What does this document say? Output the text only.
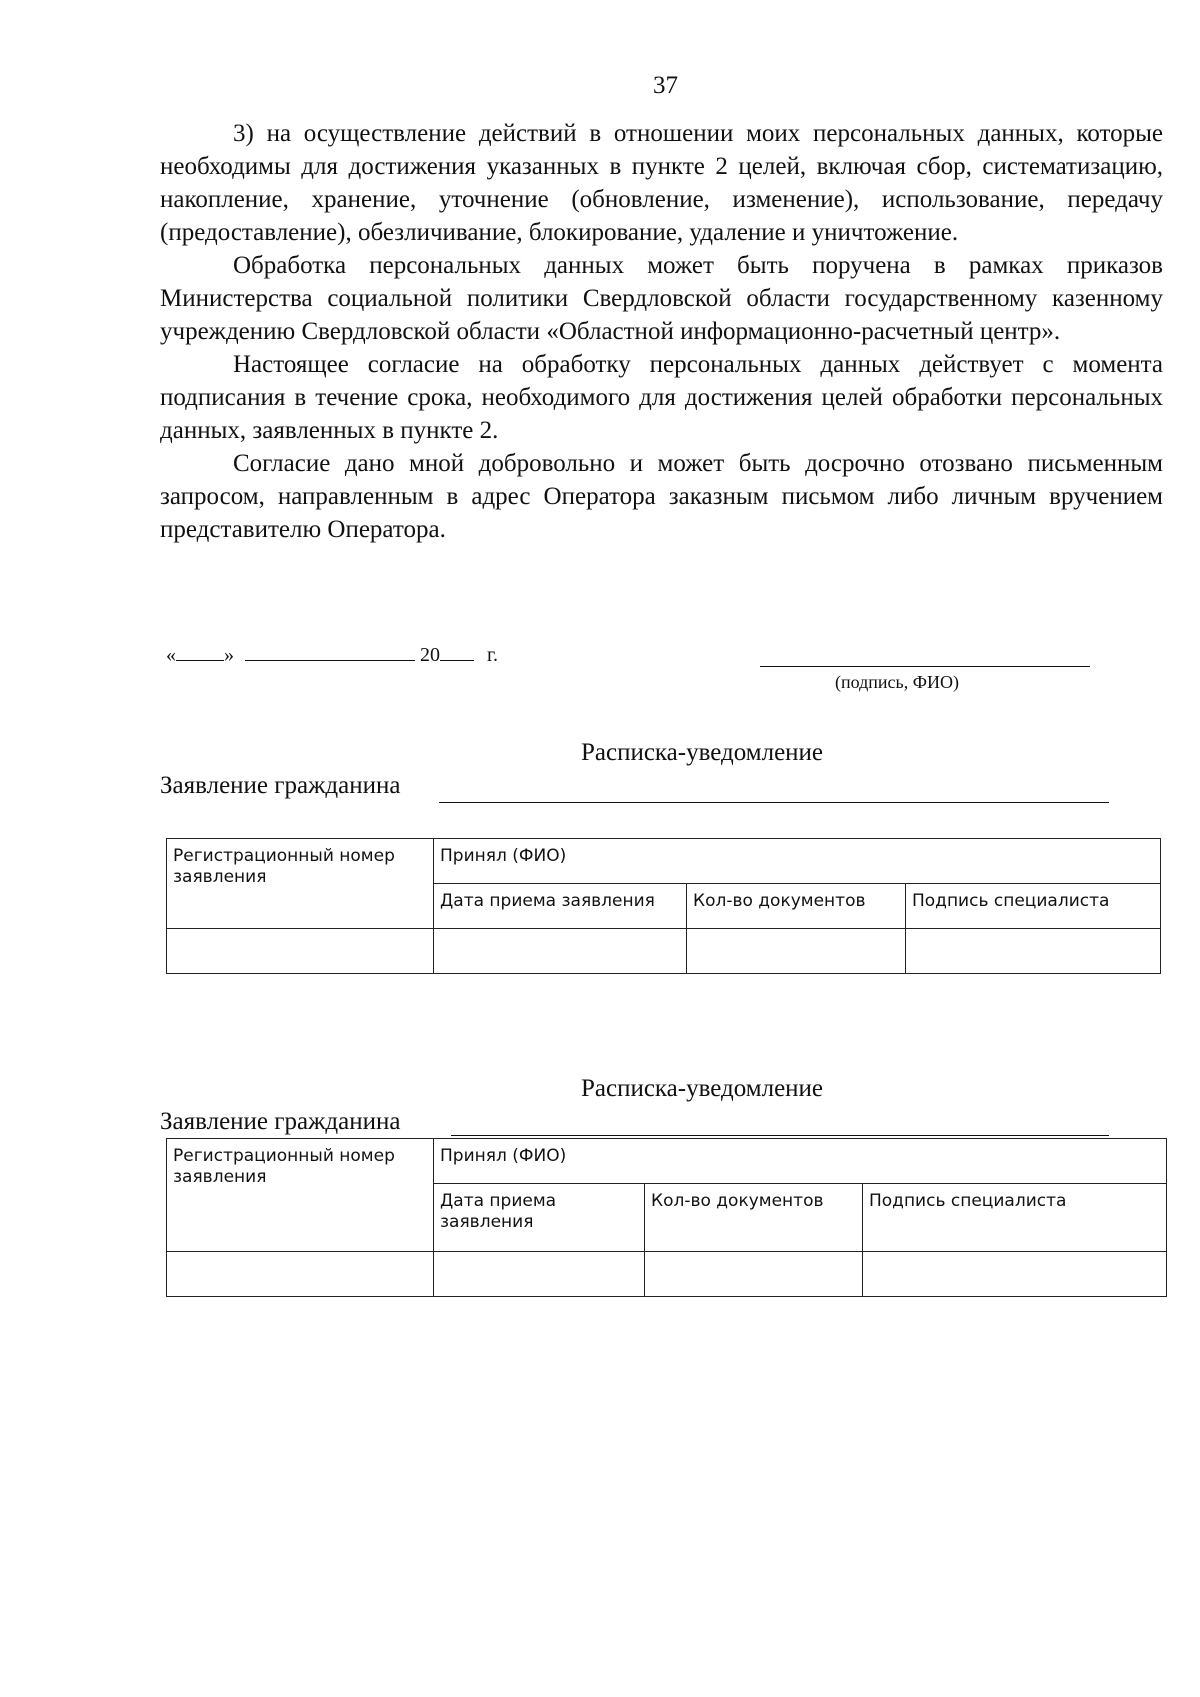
37

3) на осуществление действий в отношении моих персональных данных, которые необходимы для достижения указанных в пункте 2 целей, включая сбор, систематизацию, накопление, хранение, уточнение (обновление, изменение), использование, передачу (предоставление), обезличивание, блокирование, удаление и уничтожение.

Обработка персональных данных может быть поручена в рамках приказов Министерства социальной политики Свердловской области государственному казенному учреждению Свердловской области «Областной информационно-расчетный центр».

Настоящее согласие на обработку персональных данных действует с момента подписания в течение срока, необходимого для достижения целей обработки персональных данных, заявленных в пункте 2.

Согласие дано мной добровольно и может быть досрочно отозвано письменным запросом, направленным в адрес Оператора заказным письмом либо личным вручением представителю Оператора.

« »	20 г.
(подпись, ФИО)
Расписка-уведомление
Заявление гражданина
Регистрационный номер заявления	Принял (ФИО)		
	Дата приема заявления	Кол-во документов	Подпись специалиста

Расписка-уведомление
Заявление гражданина
Регистрационный номер заявления	Принял (ФИО)		
	Дата приема заявления	Кол-во документов	Подпись специалиста
